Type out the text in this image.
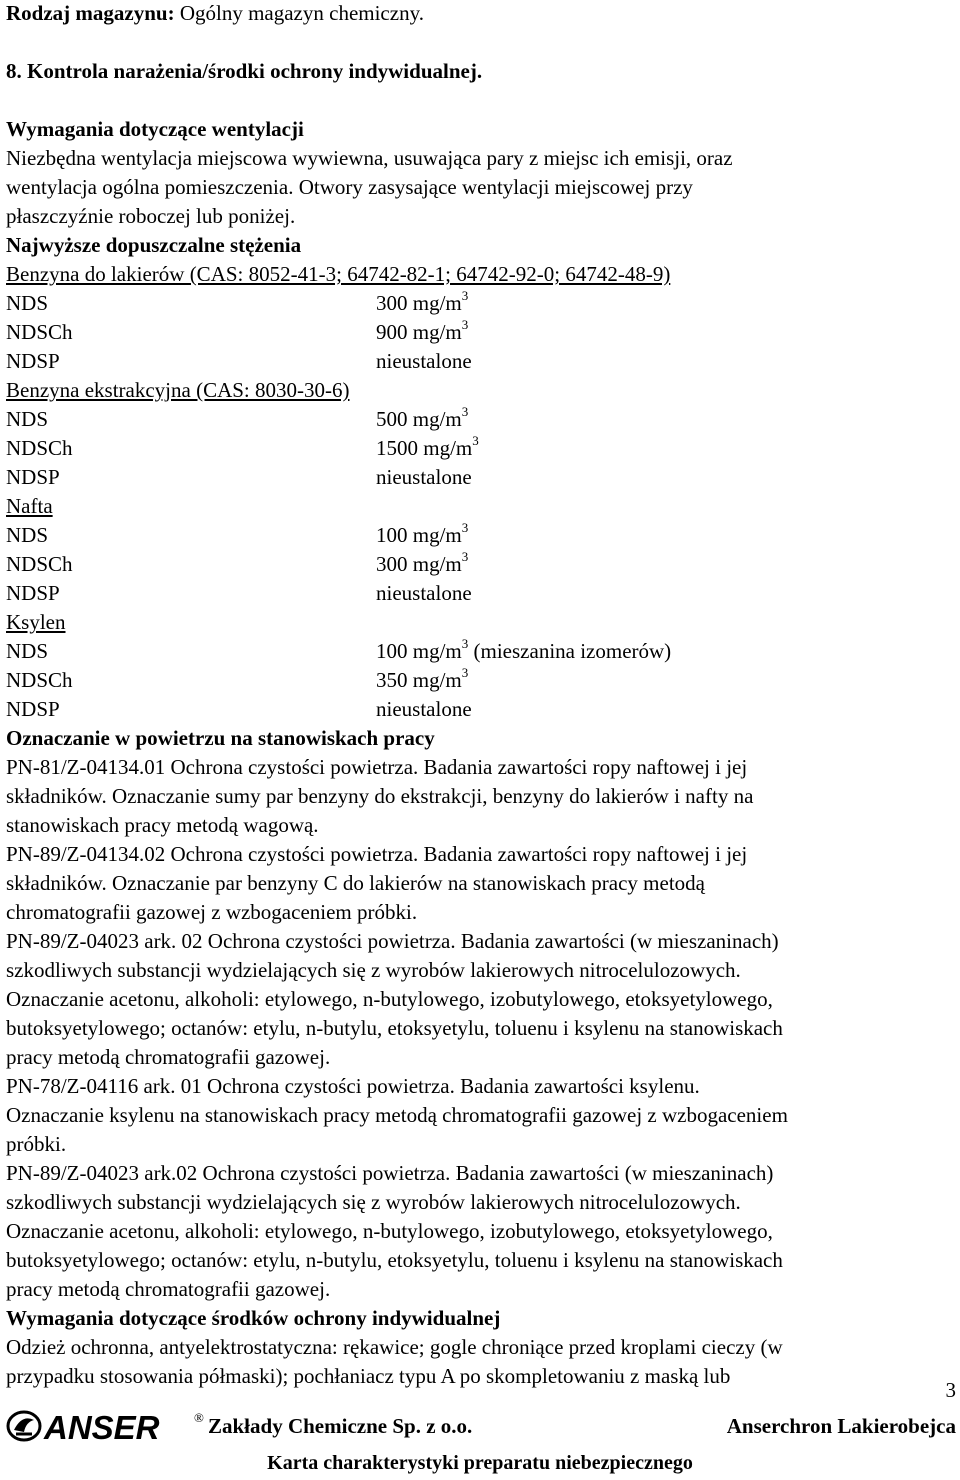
Rodzaj magazynu: Ogólny magazyn chemiczny.
8. Kontrola narażenia/środki ochrony indywidualnej.
Wymagania dotyczące wentylacji
Niezbędna wentylacja miejscowa wywiewna, usuwająca pary z miejsc ich emisji, oraz
wentylacja ogólna pomieszczenia. Otwory zasysające wentylacji miejscowej przy
płaszczyźnie roboczej lub poniżej.
Najwyższe dopuszczalne stężenia
Benzyna do lakierów (CAS: 8052-41-3; 64742-82-1; 64742-92-0; 64742-48-9)
NDS	300 $mg/m^3$
NDSCh	900 $mg/m^3$
NDSP	nieustalone
Benzyna ekstrakcyjna (CAS: 8030-30-6)
NDS	500 $mg/m^3$
NDSCh	1500 $mg/m^3$
NDSP	nieustalone
Nafta
NDS	100 $mg/m^3$
NDSCh	300 $mg/m^3$
NDSP	nieustalone
Ksylen
NDS	100 $mg/m^3$ (mieszanina izomerów)
NDSCh	350 $mg/m^3$
NDSP	nieustalone
Oznaczanie w powietrzu na stanowiskach pracy
PN-81/Z-04134.01 Ochrona czystości powietrza. Badania zawartości ropy naftowej i jej
składników. Oznaczanie sumy par benzyny do ekstrakcji, benzyny do lakierów i nafty na
stanowiskach pracy metodą wagową.
PN-89/Z-04134.02 Ochrona czystości powietrza. Badania zawartości ropy naftowej i jej
składników. Oznaczanie par benzyny C do lakierów na stanowiskach pracy metodą
chromatografii gazowej z wzbogaceniem próbki.
PN-89/Z-04023 ark. 02 Ochrona czystości powietrza. Badania zawartości (w mieszaninach)
szkodliwych substancji wydzielających się z wyrobów lakierowych nitrocelulozowych.
Oznaczanie acetonu, alkoholi: etylowego, n-butylowego, izobutylowego, etoksyetylowego,
butoksyetylowego; octanów: etylu, n-butylu, etoksyetylu, toluenu i ksylenu na stanowiskach
pracy metodą chromatografii gazowej.
PN-78/Z-04116 ark. 01 Ochrona czystości powietrza. Badania zawartości ksylenu.
Oznaczanie ksylenu na stanowiskach pracy metodą chromatografii gazowej z wzbogaceniem
próbki.
PN-89/Z-04023 ark.02 Ochrona czystości powietrza. Badania zawartości (w mieszaninach)
szkodliwych substancji wydzielających się z wyrobów lakierowych nitrocelulozowych.
Oznaczanie acetonu, alkoholi: etylowego, n-butylowego, izobutylowego, etoksyetylowego,
butoksyetylowego; octanów: etylu, n-butylu, etoksyetylu, toluenu i ksylenu na stanowiskach
pracy metodą chromatografii gazowej.
Wymagania dotyczące środków ochrony indywidualnej
Odzież ochronna, antyelektrostatyczna: rękawice; gogle chroniące przed kroplami cieczy (w
przypadku stosowania półmaski); pochłaniacz typu A po skompletowaniu z maską lub
3
ANSER	® Zakłady Chemiczne Sp. z o.o.	Anserchron Lakierobejca
Karta charakterystyki preparatu niebezpiecznego
